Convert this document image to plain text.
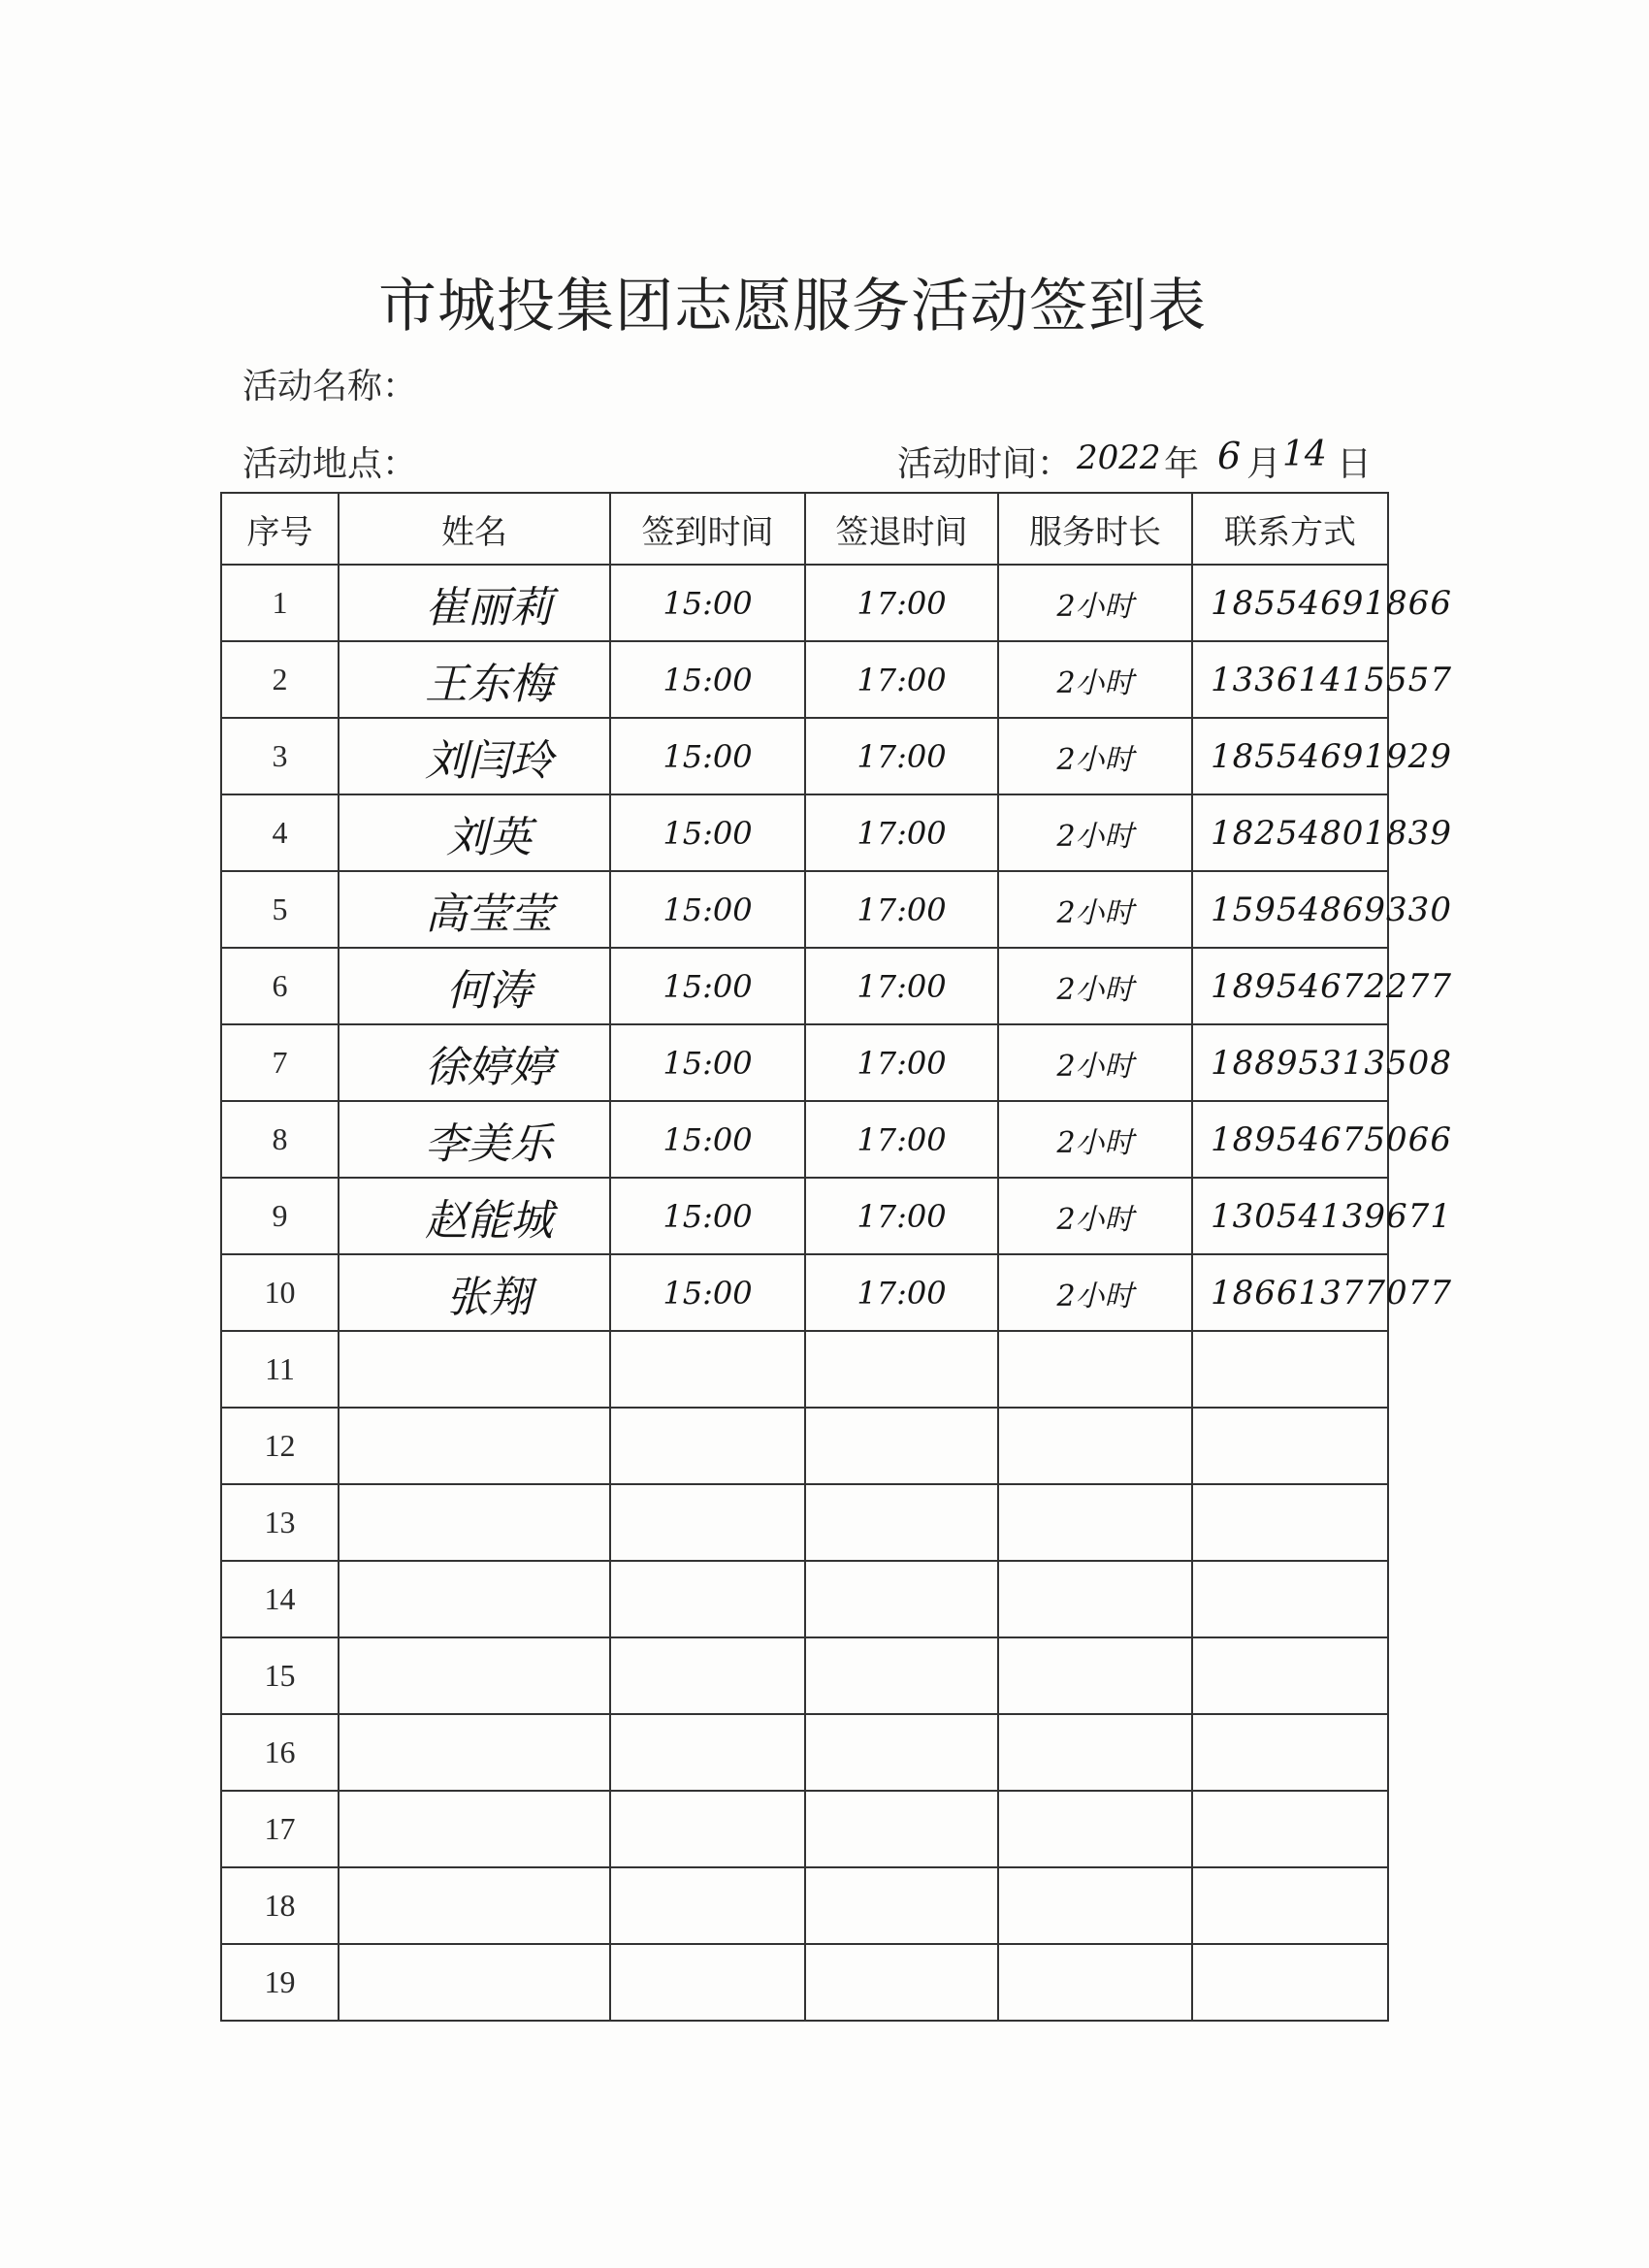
市城投集团志愿服务活动签到表
活动名称：
活动地点：	活动时间： 2022 年 6 月 14 日
序号	姓名	签到时间	签退时间	服务时长	联系方式
1	崔丽莉	15:00	17:00	2小时	18554691866
2	王东梅	15:00	17:00	2小时	13361415557
3	刘闫玲	15:00	17:00	2小时	18554691929
4	刘英	15:00	17:00	2小时	18254801839
5	高莹莹	15:00	17:00	2小时	15954869330
6	何涛	15:00	17:00	2小时	18954672277
7	徐婷婷	15:00	17:00	2小时	18895313508
8	李美乐	15:00	17:00	2小时	18954675066
9	赵能城	15:00	17:00	2小时	13054139671
10	张翔	15:00	17:00	2小时	18661377077
11					
12					
13					
14					
15					
16					
17					
18					
19					
